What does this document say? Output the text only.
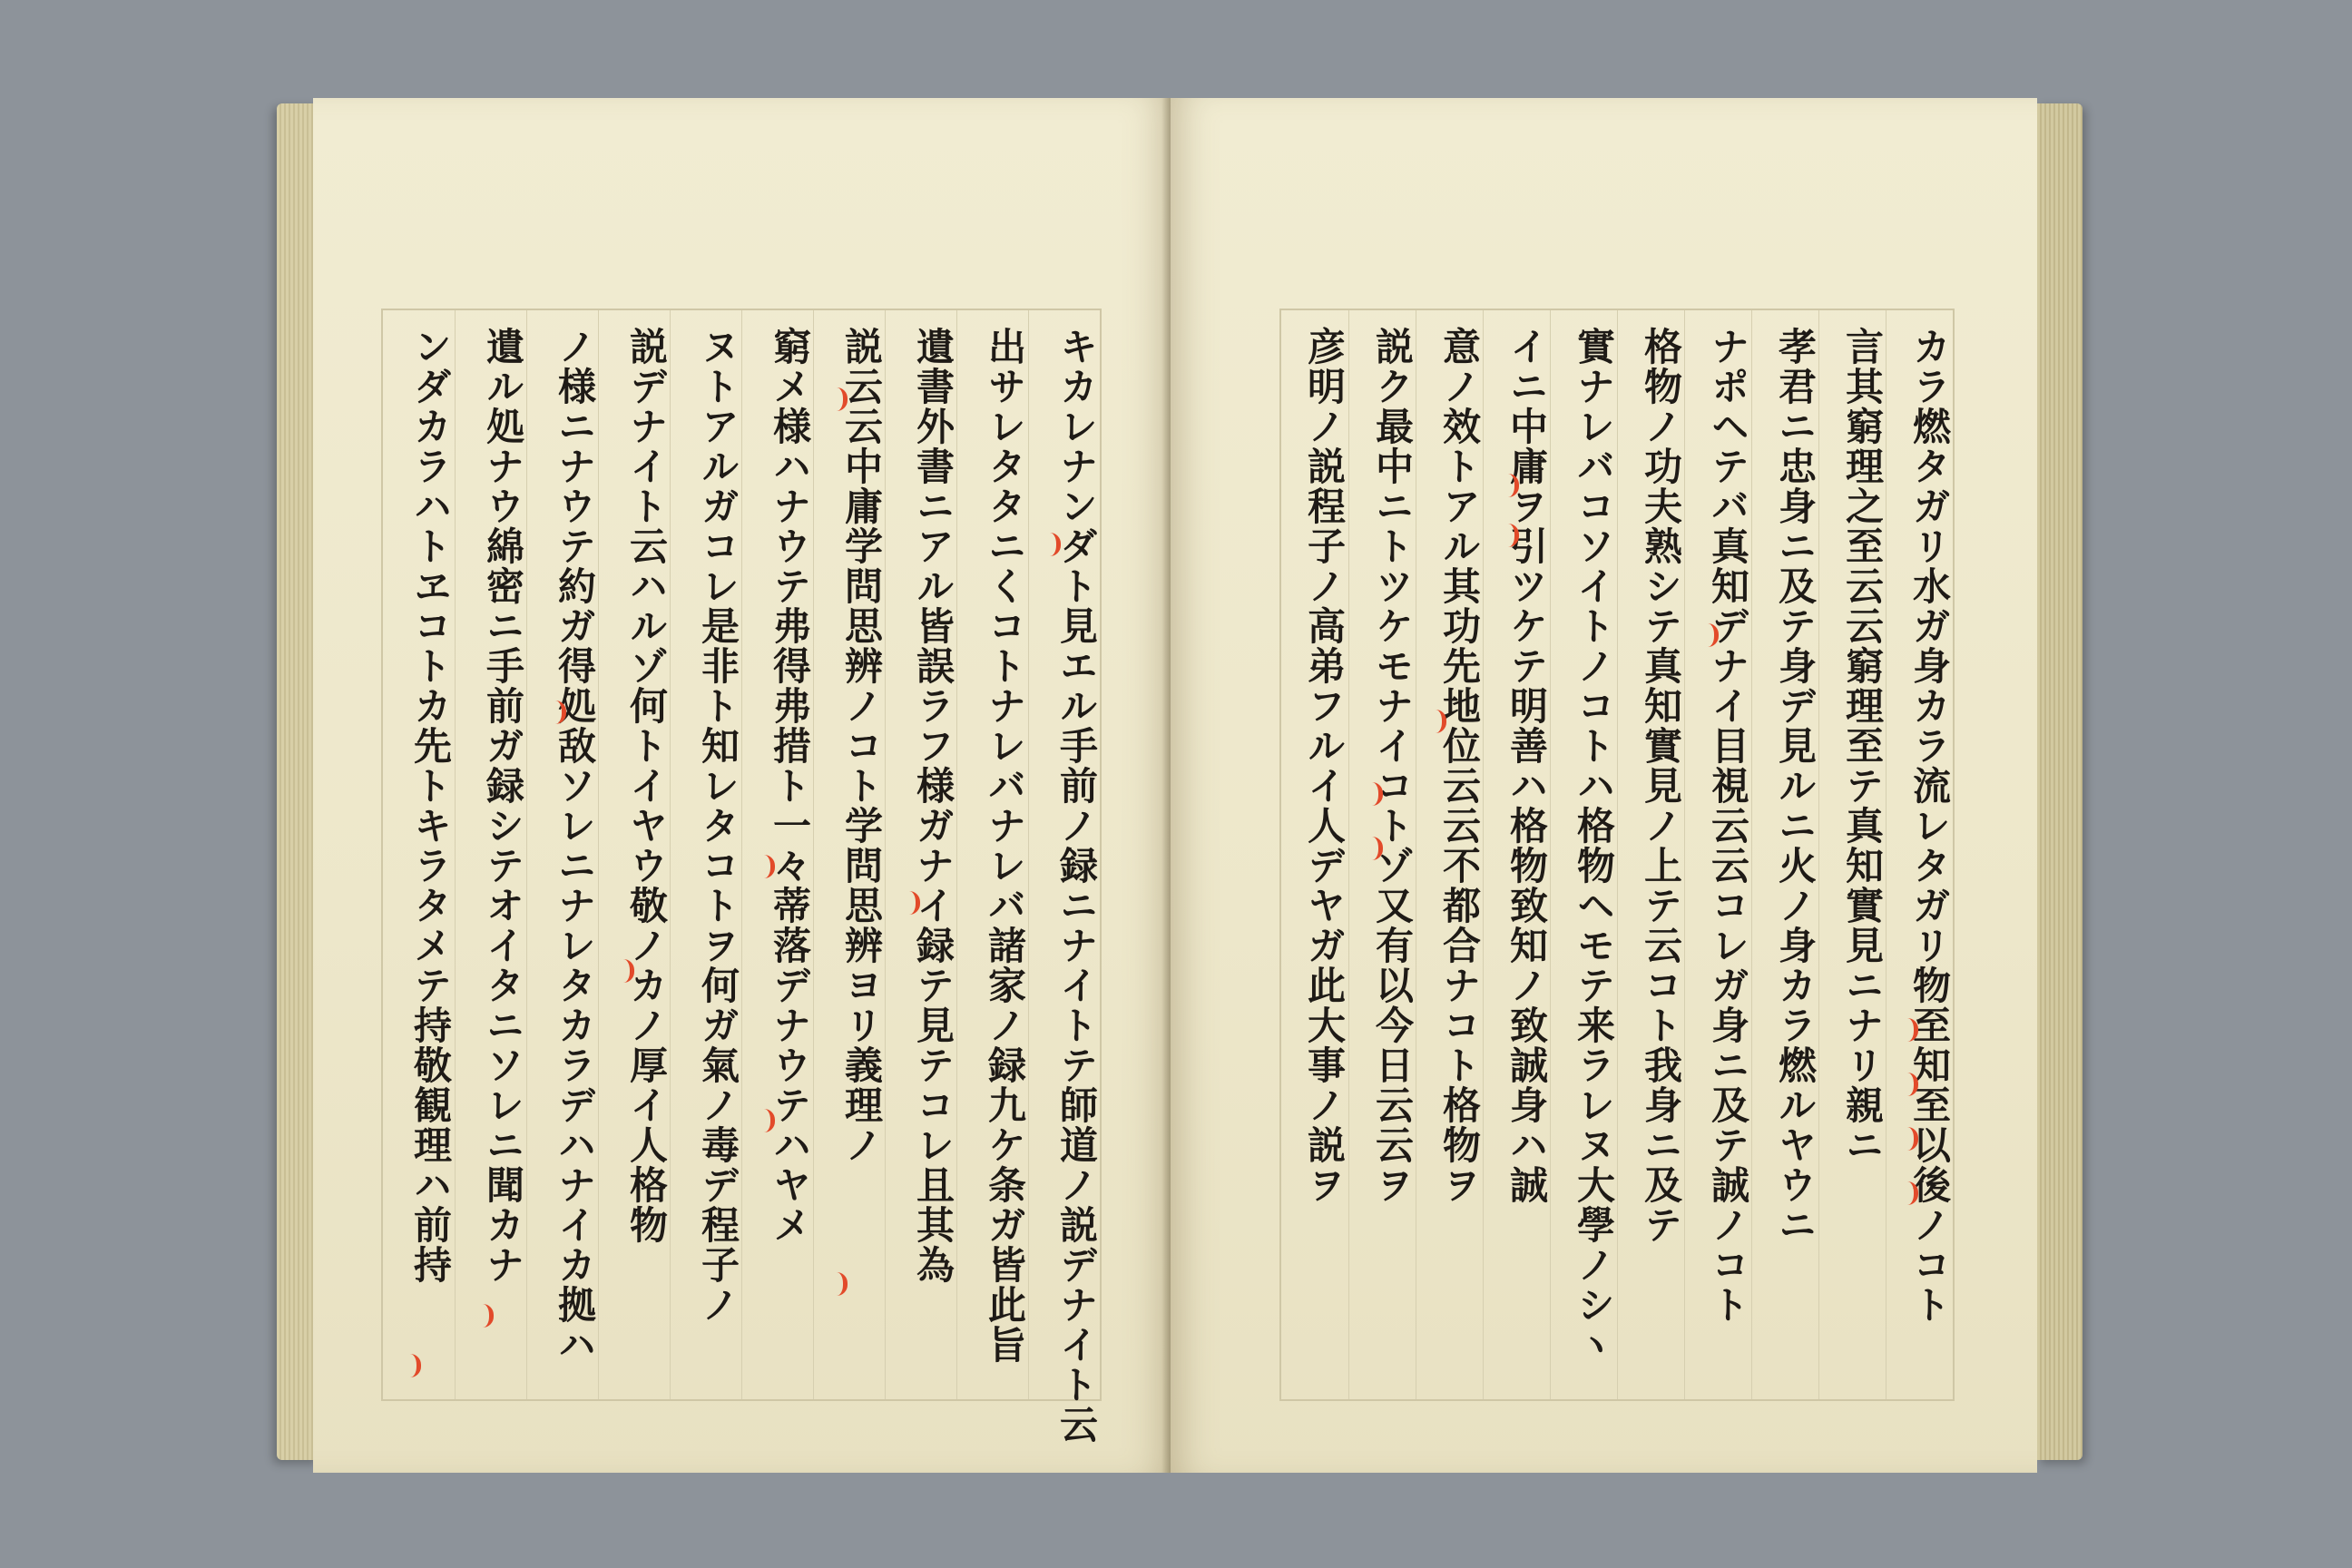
キカレナンダト見エル手前ノ録ニナイトテ師道ノ説デナイト云
出サレタタニくコトナレバナレバ諸家ノ録九ケ条ガ皆此旨
遺書外書ニアル皆誤ラフ様ガナイ録テ見テコレ且其為
説云云中庸学問思辨ノコト学問思辨ヨリ義理ノ
窮メ様ハナウテ弗得弗措ト一々蒂落デナウテハヤメ
ヌトアルガコレ是非ト知レタコトヲ何ガ氣ノ毒デ程子ノ
説デナイト云ハルゾ何トイヤウ敬ノカノ厚イ人格物
ノ様ニナウテ約ガ得処敌ソレニナレタカラデハナイカ拠ハ
遺ル処ナウ綿密ニ手前ガ録シテオイタニソレニ聞カナ
ンダカラハトヱコトカ先トキラタメテ持敬観理ハ前持	カラ燃タガリ水ガ身カラ流レタガリ物至知至以後ノコト
言其窮理之至云云窮理至テ真知實見ニナリ親ニ
孝君ニ忠身ニ及テ身デ見ルニ火ノ身カラ燃ルヤウニ
ナポヘテバ真知デナイ目視云云コレガ身ニ及テ誠ノコト
格物ノ功夫熟シテ真知實見ノ上テ云コト我身ニ及テ
實ナレバコソイトノコトハ格物ヘモテ来ラレヌ大學ノシヽ
イニ中庸ヲ引ツケテ明善ハ格物致知ノ致誠身ハ誠
意ノ效トアル其功先地位云云不都合ナコト格物ヲ
説ク最中ニトツケモナイコトゾ又有以今日云云ヲ
彦明ノ説程子ノ高弟フルイ人デヤガ此大事ノ説ヲ
